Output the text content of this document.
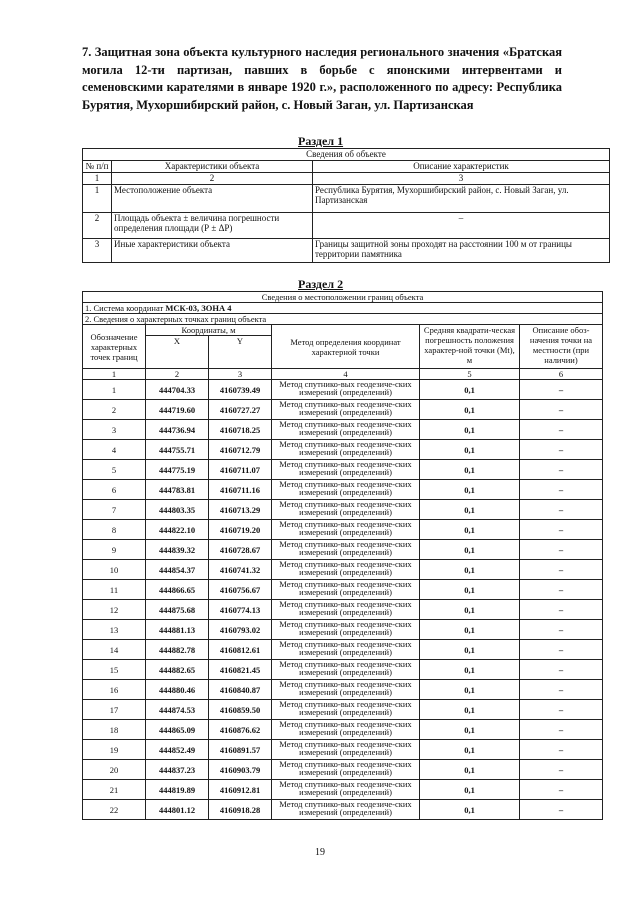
7. Защитная зона объекта культурного наследия регионального значения «Братская могила 12-ти партизан, павших в борьбе с японскими интервентами и семеновскими карателями в январе 1920 г.», расположенного по адресу: Республика Бурятия, Мухоршибирский район, с. Новый Заган, ул. Партизанская
Раздел 1
Сведения об объекте		
№ п/п	Характеристики объекта	Описание характеристик
1	2	3
1	Местоположение объекта	Республика Бурятия, Мухоршибирский район, с. Новый Заган, ул. Партизанская
2	Площадь объекта ± величина погрешности определения площади (Р ± ΔР)	–
3	Иные характеристики объекта	Границы защитной зоны проходят на расстоянии 100 м от границы территории памятника
Раздел 2
Сведения о местоположении границ объекта					
1. Система координат МСК-03, ЗОНА 4					
2. Сведения о характерных точках границ объекта					
Обозначение характерных точек границ	Координаты, м		Метод определения координат характерной точки	Средняя квадрати-ческая погрешность положения характер-ной точки (Mt), м	Описание обоз-начения точки на местности (при наличии)
	X	Y			
1	2	3	4	5	6
1	444704.33	4160739.49	Метод спутнико-вых геодезиче-ских измерений (определений)	0,1	–
2	444719.60	4160727.27	Метод спутнико-вых геодезиче-ских измерений (определений)	0,1	–
3	444736.94	4160718.25	Метод спутнико-вых геодезиче-ских измерений (определений)	0,1	–
4	444755.71	4160712.79	Метод спутнико-вых геодезиче-ских измерений (определений)	0,1	–
5	444775.19	4160711.07	Метод спутнико-вых геодезиче-ских измерений (определений)	0,1	–
6	444783.81	4160711.16	Метод спутнико-вых геодезиче-ских измерений (определений)	0,1	–
7	444803.35	4160713.29	Метод спутнико-вых геодезиче-ских измерений (определений)	0,1	–
8	444822.10	4160719.20	Метод спутнико-вых геодезиче-ских измерений (определений)	0,1	–
9	444839.32	4160728.67	Метод спутнико-вых геодезиче-ских измерений (определений)	0,1	–
10	444854.37	4160741.32	Метод спутнико-вых геодезиче-ских измерений (определений)	0,1	–
11	444866.65	4160756.67	Метод спутнико-вых геодезиче-ских измерений (определений)	0,1	–
12	444875.68	4160774.13	Метод спутнико-вых геодезиче-ских измерений (определений)	0,1	–
13	444881.13	4160793.02	Метод спутнико-вых геодезиче-ских измерений (определений)	0,1	–
14	444882.78	4160812.61	Метод спутнико-вых геодезиче-ских измерений (определений)	0,1	–
15	444882.65	4160821.45	Метод спутнико-вых геодезиче-ских измерений (определений)	0,1	–
16	444880.46	4160840.87	Метод спутнико-вых геодезиче-ских измерений (определений)	0,1	–
17	444874.53	4160859.50	Метод спутнико-вых геодезиче-ских измерений (определений)	0,1	–
18	444865.09	4160876.62	Метод спутнико-вых геодезиче-ских измерений (определений)	0,1	–
19	444852.49	4160891.57	Метод спутнико-вых геодезиче-ских измерений (определений)	0,1	–
20	444837.23	4160903.79	Метод спутнико-вых геодезиче-ских измерений (определений)	0,1	–
21	444819.89	4160912.81	Метод спутнико-вых геодезиче-ских измерений (определений)	0,1	–
22	444801.12	4160918.28	Метод спутнико-вых геодезиче-ских измерений (определений)	0,1	–
19
